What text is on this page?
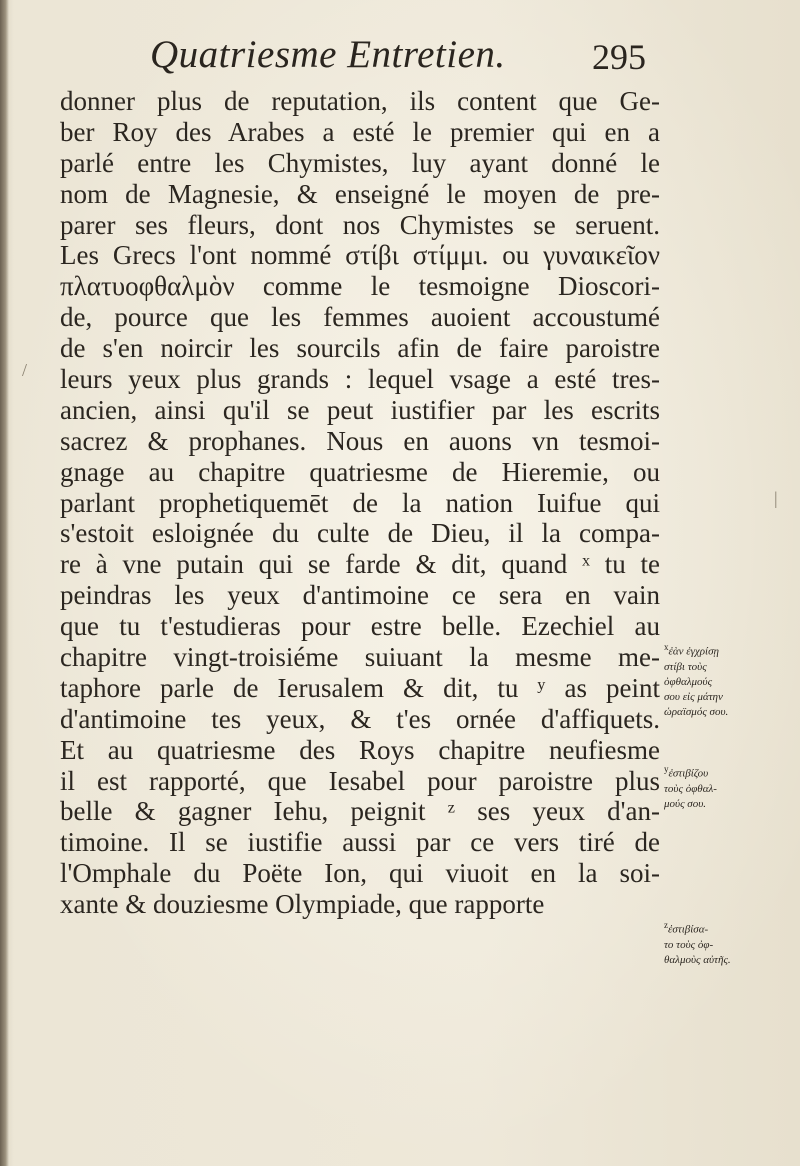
Quatriesme Entretien. 295
donner plus de reputation, ils content que Ge-
ber Roy des Arabes a esté le premier qui en a
parlé entre les Chymistes, luy ayant donné le
nom de Magnesie, & enseigné le moyen de pre-
parer ses fleurs, dont nos Chymistes se seruent.
Les Grecs l'ont nommé στίβι στίμμι. ou γυναικεῖον
πλατυοφθαλμὸν comme le tesmoigne Dioscori-
de, pource que les femmes auoient accoustumé
de s'en noircir les sourcils afin de faire paroistre
leurs yeux plus grands : lequel vsage a esté tres-
ancien, ainsi qu'il se peut iustifier par les escrits
sacrez & prophanes. Nous en auons vn tesmoi-
gnage au chapitre quatriesme de Hieremie, ou
parlant prophetiquemēt de la nation Iuifue qui
s'estoit esloignée du culte de Dieu, il la compa-
re à vne putain qui se farde & dit, quand ˣ tu te
peindras les yeux d'antimoine ce sera en vain
que tu t'estudieras pour estre belle. Ezechiel au
chapitre vingt-troisiéme suiuant la mesme me-
taphore parle de Ierusalem & dit, tu ʸ as peint
d'antimoine tes yeux, & t'es ornée d'affiquets.
Et au quatriesme des Roys chapitre neufiesme
il est rapporté, que Iesabel pour paroistre plus
belle & gagner Iehu, peignit ᶻ ses yeux d'an-
timoine. Il se iustifie aussi par ce vers tiré de
l'Omphale du Poëte Ion, qui viuoit en la soi-
xante & douziesme Olympiade, que rapporte
$^x$ἐὰν ἐγχρίσῃ
στίβι τοὺς
ὀφθαλμούς
σου εἰς μάτην
ὡραϊσμός σου.
$^y$ἐστιβίζου
τοὺς ὀφθαλ-
μούς σου.
$^z$ἐστιβίσα-
το τοὺς ὀφ-
θαλμοὺς αὐτῆς.
/
|
